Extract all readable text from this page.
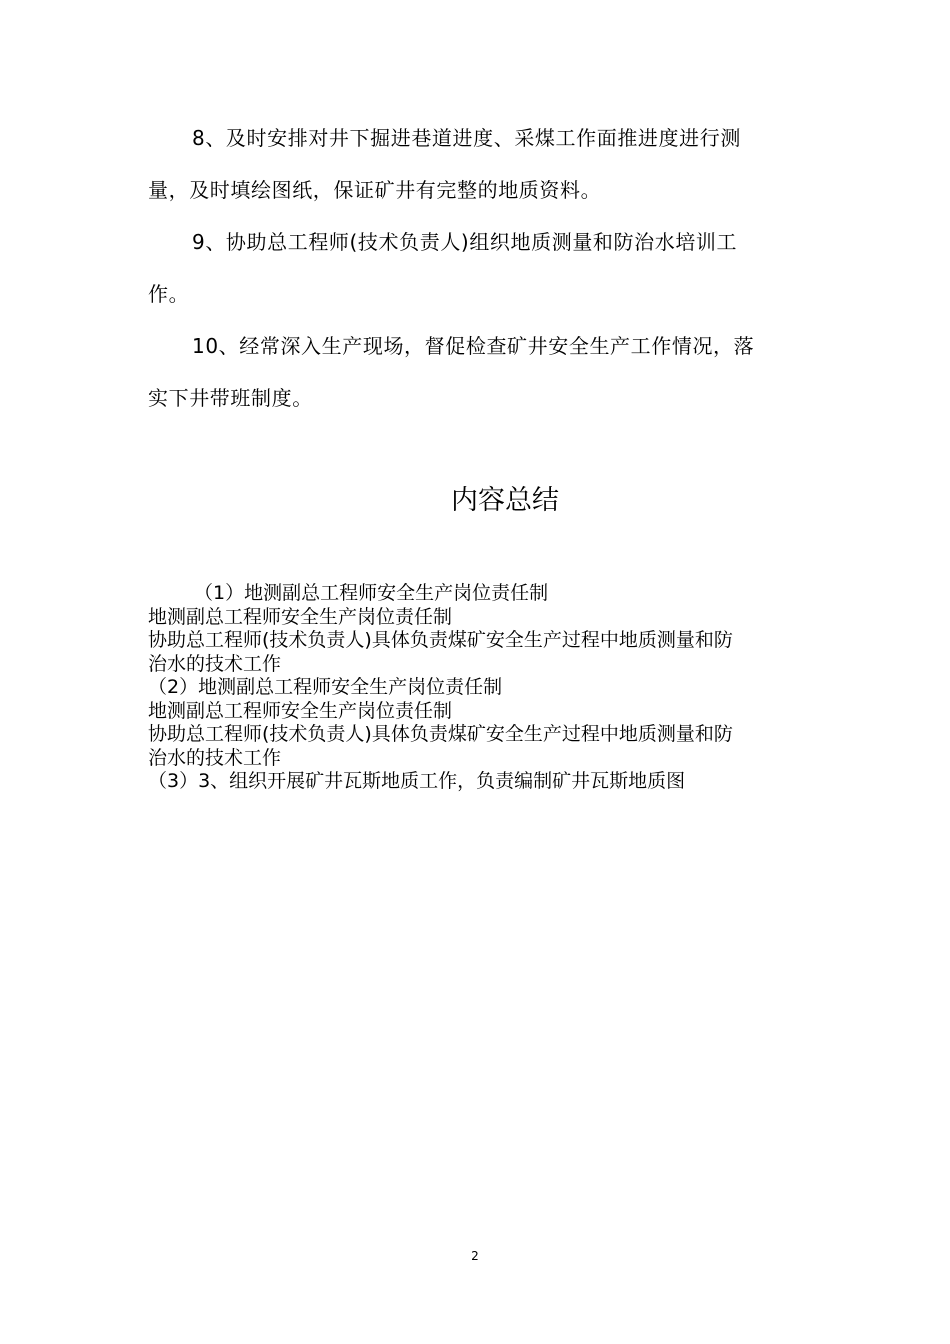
8、及时安排对井下掘进巷道进度、采煤工作面推进度进行测
量，及时填绘图纸，保证矿井有完整的地质资料。

9、协助总工程师(技术负责人)组织地质测量和防治水培训工
作。

10、经常深入生产现场，督促检查矿井安全生产工作情况，落
实下井带班制度。

内容总结

（1）地测副总工程师安全生产岗位责任制

地测副总工程师安全生产岗位责任制

协助总工程师(技术负责人)具体负责煤矿安全生产过程中地质测量和防

治水的技术工作

（2）地测副总工程师安全生产岗位责任制

地测副总工程师安全生产岗位责任制

协助总工程师(技术负责人)具体负责煤矿安全生产过程中地质测量和防

治水的技术工作

（3）3、组织开展矿井瓦斯地质工作，负责编制矿井瓦斯地质图

2
